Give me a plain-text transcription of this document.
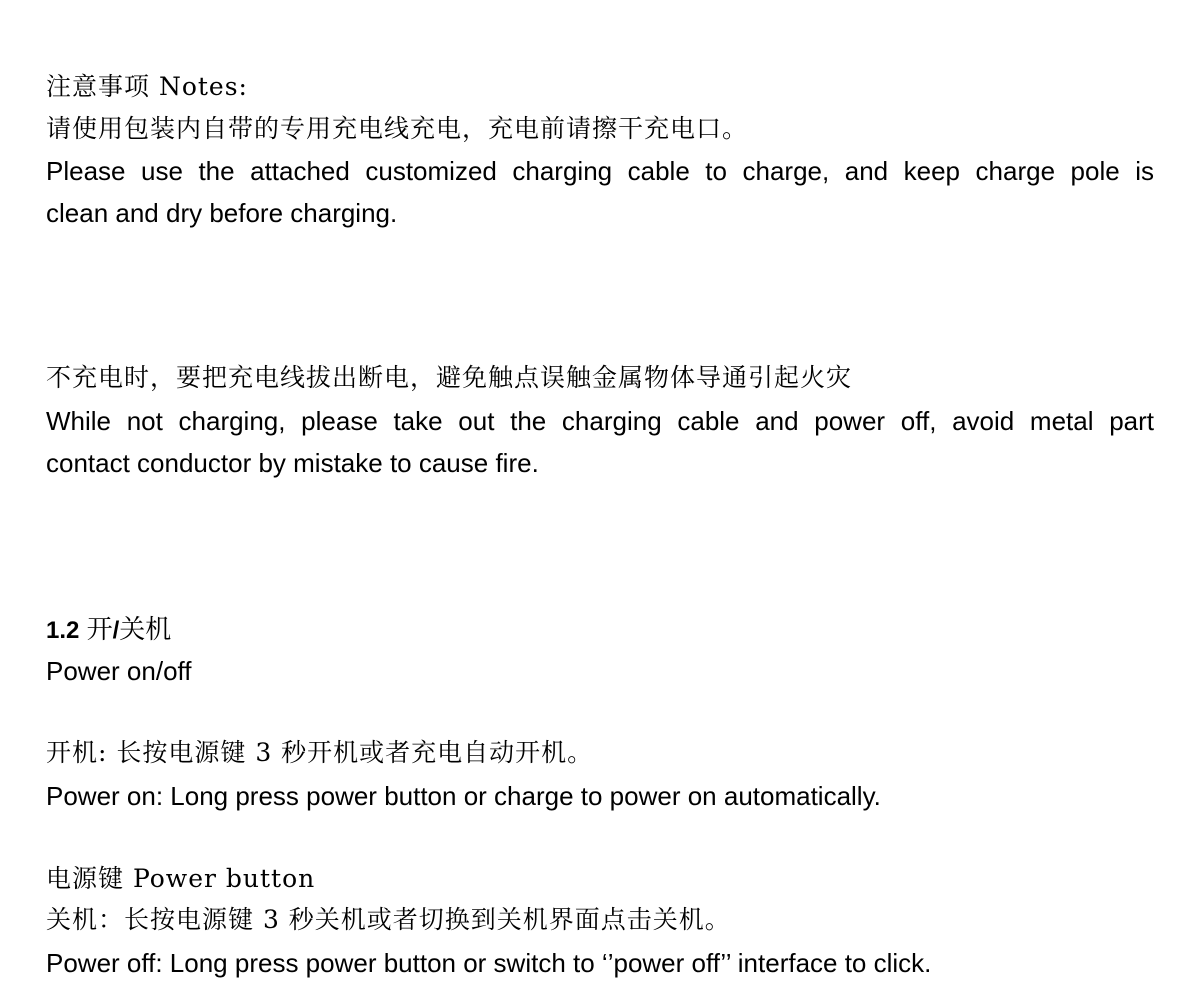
注意事项 Notes:

请使用包装内自带的专用充电线充电，充电前请擦干充电口。

Please use the attached customized charging cable to charge, and keep charge pole is

clean and dry before charging.

不充电时，要把充电线拔出断电，避免触点误触金属物体导通引起火灾

While not charging, please take out the charging cable and power off, avoid metal part

contact conductor by mistake to cause fire.

1.2 开/关机

Power on/off

开机: 长按电源键 3 秒开机或者充电自动开机。

Power on: Long press power button or charge to power on automatically.

电源键 Power button

关机：长按电源键 3 秒关机或者切换到关机界面点击关机。

Power off: Long press power button or switch to ‘’power off’’ interface to click.
